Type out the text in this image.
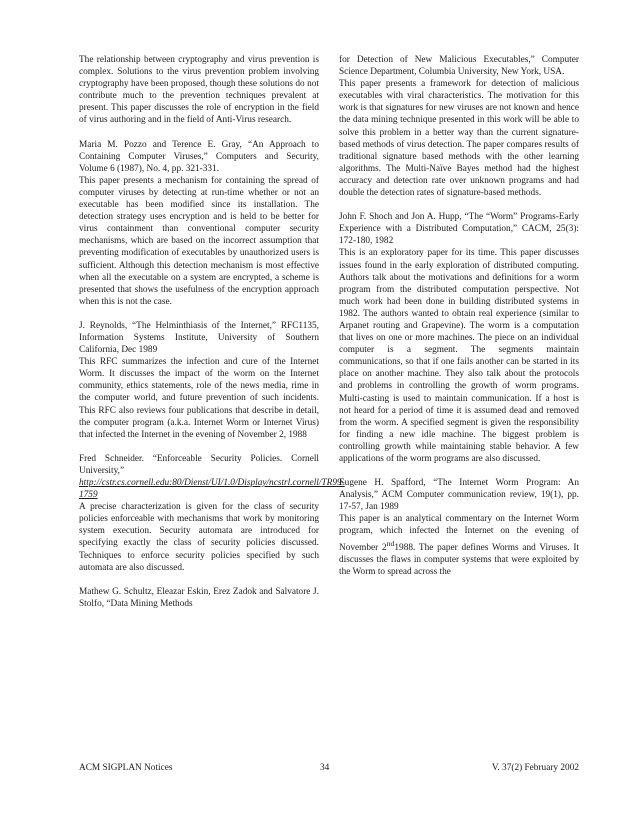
The relationship between cryptography and virus prevention is complex. Solutions to the virus prevention problem involving cryptography have been proposed, though these solutions do not contribute much to the prevention techniques prevalent at present. This paper discusses the role of encryption in the field of virus authoring and in the field of Anti-Virus research.

Maria M. Pozzo and Terence E. Gray, “An Approach to Containing Computer Viruses,” Computers and Security, Volume 6 (1987), No. 4, pp. 321-331.

This paper presents a mechanism for containing the spread of computer viruses by detecting at run-time whether or not an executable has been modified since its installation. The detection strategy uses encryption and is held to be better for virus containment than conventional computer security mechanisms, which are based on the incorrect assumption that preventing modification of executables by unauthorized users is sufficient. Although this detection mechanism is most effective when all the executable on a system are encrypted, a scheme is presented that shows the usefulness of the encryption approach when this is not the case.

J. Reynolds, “The Helminthiasis of the Internet,” RFC1135, Information Systems Institute, University of Southern California, Dec 1989

This RFC summarizes the infection and cure of the Internet Worm. It discusses the impact of the worm on the Internet community, ethics statements, role of the news media, rime in the computer world, and future prevention of such incidents. This RFC also reviews four publications that describe in detail, the computer program (a.k.a. Internet Worm or Internet Virus) that infected the Internet in the evening of November 2, 1988

Fred Schneider. “Enforceable Security Policies. Cornell University,”
http://cstr.cs.cornell.edu:80/Dienst/UI/1.0/Display/ncstrl.cornell/TR99-1759

A precise characterization is given for the class of security policies enforceable with mechanisms that work by monitoring system execution. Security automata are introduced for specifying exactly the class of security policies discussed. Techniques to enforce security policies specified by such automata are also discussed.

Mathew G. Schultz, Eleazar Eskin, Erez Zadok and Salvatore J. Stolfo, “Data Mining Methods

for Detection of New Malicious Executables,” Computer Science Department, Columbia University, New York, USA.

This paper presents a framework for detection of malicious executables with viral characteristics. The motivation for this work is that signatures for new viruses are not known and hence the data mining technique presented in this work will be able to solve this problem in a better way than the current signature-based methods of virus detection. The paper compares results of traditional signature based methods with the other learning algorithms. The Multi-Naïve Bayes method had the highest accuracy and detection rate over unknown programs and had double the detection rates of signature-based methods.

John F. Shoch and Jon A. Hupp, “The “Worm” Programs-Early Experience with a Distributed Computation,” CACM, 25(3): 172-180, 1982

This is an exploratory paper for its time. This paper discusses issues found in the early exploration of distributed computing. Authors talk about the motivations and definitions for a worm program from the distributed computation perspective. Not much work had been done in building distributed systems in 1982. The authors wanted to obtain real experience (similar to Arpanet routing and Grapevine). The worm is a computation that lives on one or more machines. The piece on an individual computer is a segment. The segments maintain communications, so that if one fails another can be started in its place on another machine. They also talk about the protocols and problems in controlling the growth of worm programs. Multi-casting is used to maintain communication. If a host is not heard for a period of time it is assumed dead and removed from the worm. A specified segment is given the responsibility for finding a new idle machine. The biggest problem is controlling growth while maintaining stable behavior. A few applications of the worm programs are also discussed.

Eugene H. Spafford, “The Internet Worm Program: An Analysis,” ACM Computer communication review, 19(1), pp. 17-57, Jan 1989

This paper is an analytical commentary on the Internet Worm program, which infected the Internet on the evening of November 2nd1988. The paper defines Worms and Viruses. It discusses the flaws in computer systems that were exploited by the Worm to spread across the

ACM SIGPLAN Notices	34	V. 37(2) February 2002
